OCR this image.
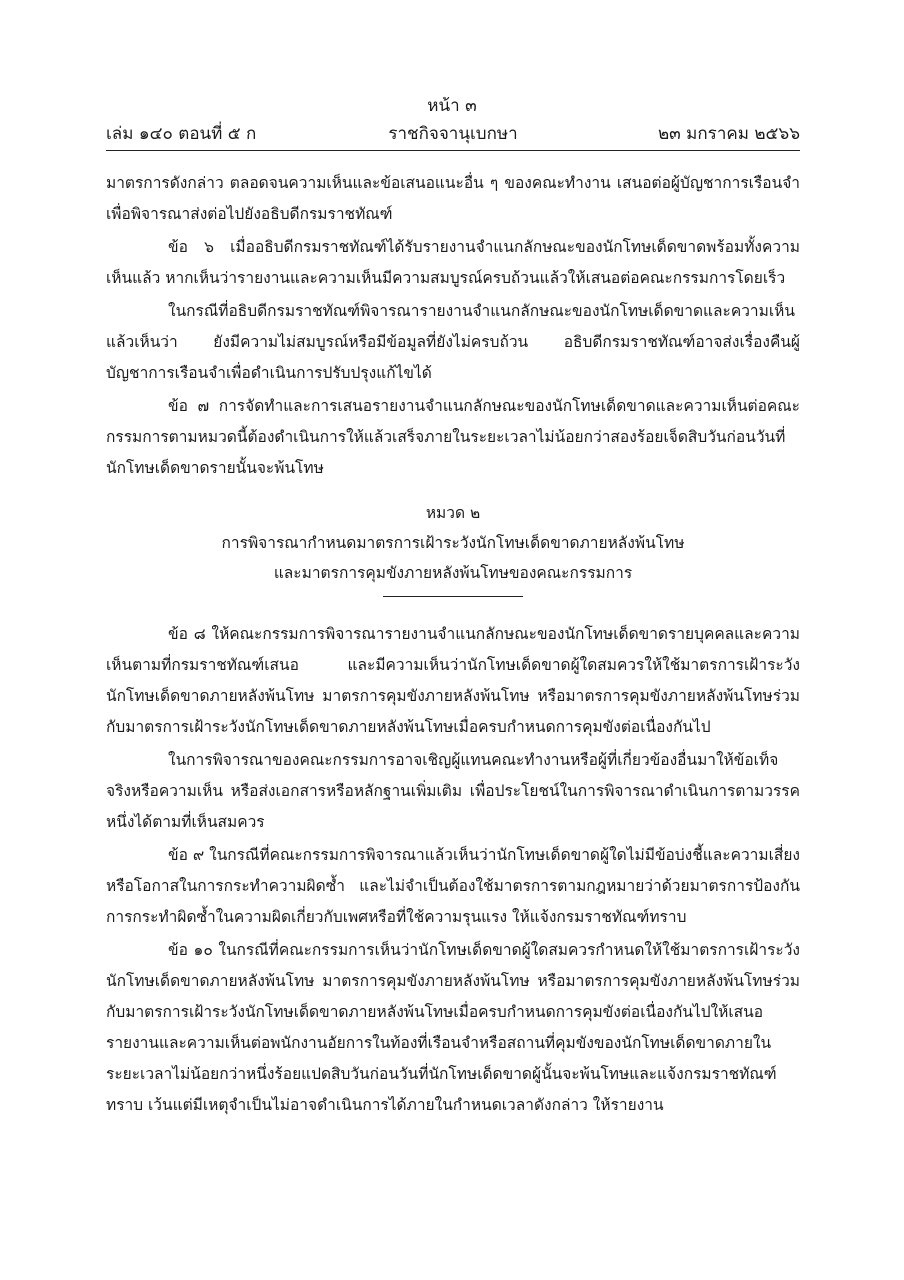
หน้า ๓
ราชกิจจานุเบกษา
เล่ม ๑๔๐ ตอนที่ ๕ ก	๒๓ มกราคม ๒๕๖๖

มาตรการดังกล่าว ตลอดจนความเห็นและข้อเสนอแนะอื่น ๆ ของคณะทำงาน เสนอต่อผู้บัญชาการเรือนจำเพื่อพิจารณาส่งต่อไปยังอธิบดีกรมราชทัณฑ์

ข้อ ๖ เมื่ออธิบดีกรมราชทัณฑ์ได้รับรายงานจำแนกลักษณะของนักโทษเด็ดขาดพร้อมทั้งความเห็นแล้ว หากเห็นว่ารายงานและความเห็นมีความสมบูรณ์ครบถ้วนแล้วให้เสนอต่อคณะกรรมการโดยเร็ว

ในกรณีที่อธิบดีกรมราชทัณฑ์พิจารณารายงานจำแนกลักษณะของนักโทษเด็ดขาดและความเห็นแล้วเห็นว่า ยังมีความไม่สมบูรณ์หรือมีข้อมูลที่ยังไม่ครบถ้วน อธิบดีกรมราชทัณฑ์อาจส่งเรื่องคืนผู้บัญชาการเรือนจำเพื่อดำเนินการปรับปรุงแก้ไขได้

ข้อ ๗ การจัดทำและการเสนอรายงานจำแนกลักษณะของนักโทษเด็ดขาดและความเห็นต่อคณะกรรมการตามหมวดนี้ต้องดำเนินการให้แล้วเสร็จภายในระยะเวลาไม่น้อยกว่าสองร้อยเจ็ดสิบวันก่อนวันที่นักโทษเด็ดขาดรายนั้นจะพ้นโทษ

หมวด ๒
การพิจารณากำหนดมาตรการเฝ้าระวังนักโทษเด็ดขาดภายหลังพ้นโทษ
และมาตรการคุมขังภายหลังพ้นโทษของคณะกรรมการ

ข้อ ๘ ให้คณะกรรมการพิจารณารายงานจำแนกลักษณะของนักโทษเด็ดขาดรายบุคคลและความเห็นตามที่กรมราชทัณฑ์เสนอ และมีความเห็นว่านักโทษเด็ดขาดผู้ใดสมควรให้ใช้มาตรการเฝ้าระวังนักโทษเด็ดขาดภายหลังพ้นโทษ มาตรการคุมขังภายหลังพ้นโทษ หรือมาตรการคุมขังภายหลังพ้นโทษร่วมกับมาตรการเฝ้าระวังนักโทษเด็ดขาดภายหลังพ้นโทษเมื่อครบกำหนดการคุมขังต่อเนื่องกันไป

ในการพิจารณาของคณะกรรมการอาจเชิญผู้แทนคณะทำงานหรือผู้ที่เกี่ยวข้องอื่นมาให้ข้อเท็จจริงหรือความเห็น หรือส่งเอกสารหรือหลักฐานเพิ่มเติม เพื่อประโยชน์ในการพิจารณาดำเนินการตามวรรคหนึ่งได้ตามที่เห็นสมควร

ข้อ ๙ ในกรณีที่คณะกรรมการพิจารณาแล้วเห็นว่านักโทษเด็ดขาดผู้ใดไม่มีข้อบ่งชี้และความเสี่ยงหรือโอกาสในการกระทำความผิดซ้ำ และไม่จำเป็นต้องใช้มาตรการตามกฎหมายว่าด้วยมาตรการป้องกันการกระทำผิดซ้ำในความผิดเกี่ยวกับเพศหรือที่ใช้ความรุนแรง ให้แจ้งกรมราชทัณฑ์ทราบ

ข้อ ๑๐ ในกรณีที่คณะกรรมการเห็นว่านักโทษเด็ดขาดผู้ใดสมควรกำหนดให้ใช้มาตรการเฝ้าระวังนักโทษเด็ดขาดภายหลังพ้นโทษ มาตรการคุมขังภายหลังพ้นโทษ หรือมาตรการคุมขังภายหลังพ้นโทษร่วมกับมาตรการเฝ้าระวังนักโทษเด็ดขาดภายหลังพ้นโทษเมื่อครบกำหนดการคุมขังต่อเนื่องกันไปให้เสนอรายงานและความเห็นต่อพนักงานอัยการในท้องที่เรือนจำหรือสถานที่คุมขังของนักโทษเด็ดขาดภายในระยะเวลาไม่น้อยกว่าหนึ่งร้อยแปดสิบวันก่อนวันที่นักโทษเด็ดขาดผู้นั้นจะพ้นโทษและแจ้งกรมราชทัณฑ์ทราบ เว้นแต่มีเหตุจำเป็นไม่อาจดำเนินการได้ภายในกำหนดเวลาดังกล่าว ให้รายงาน
